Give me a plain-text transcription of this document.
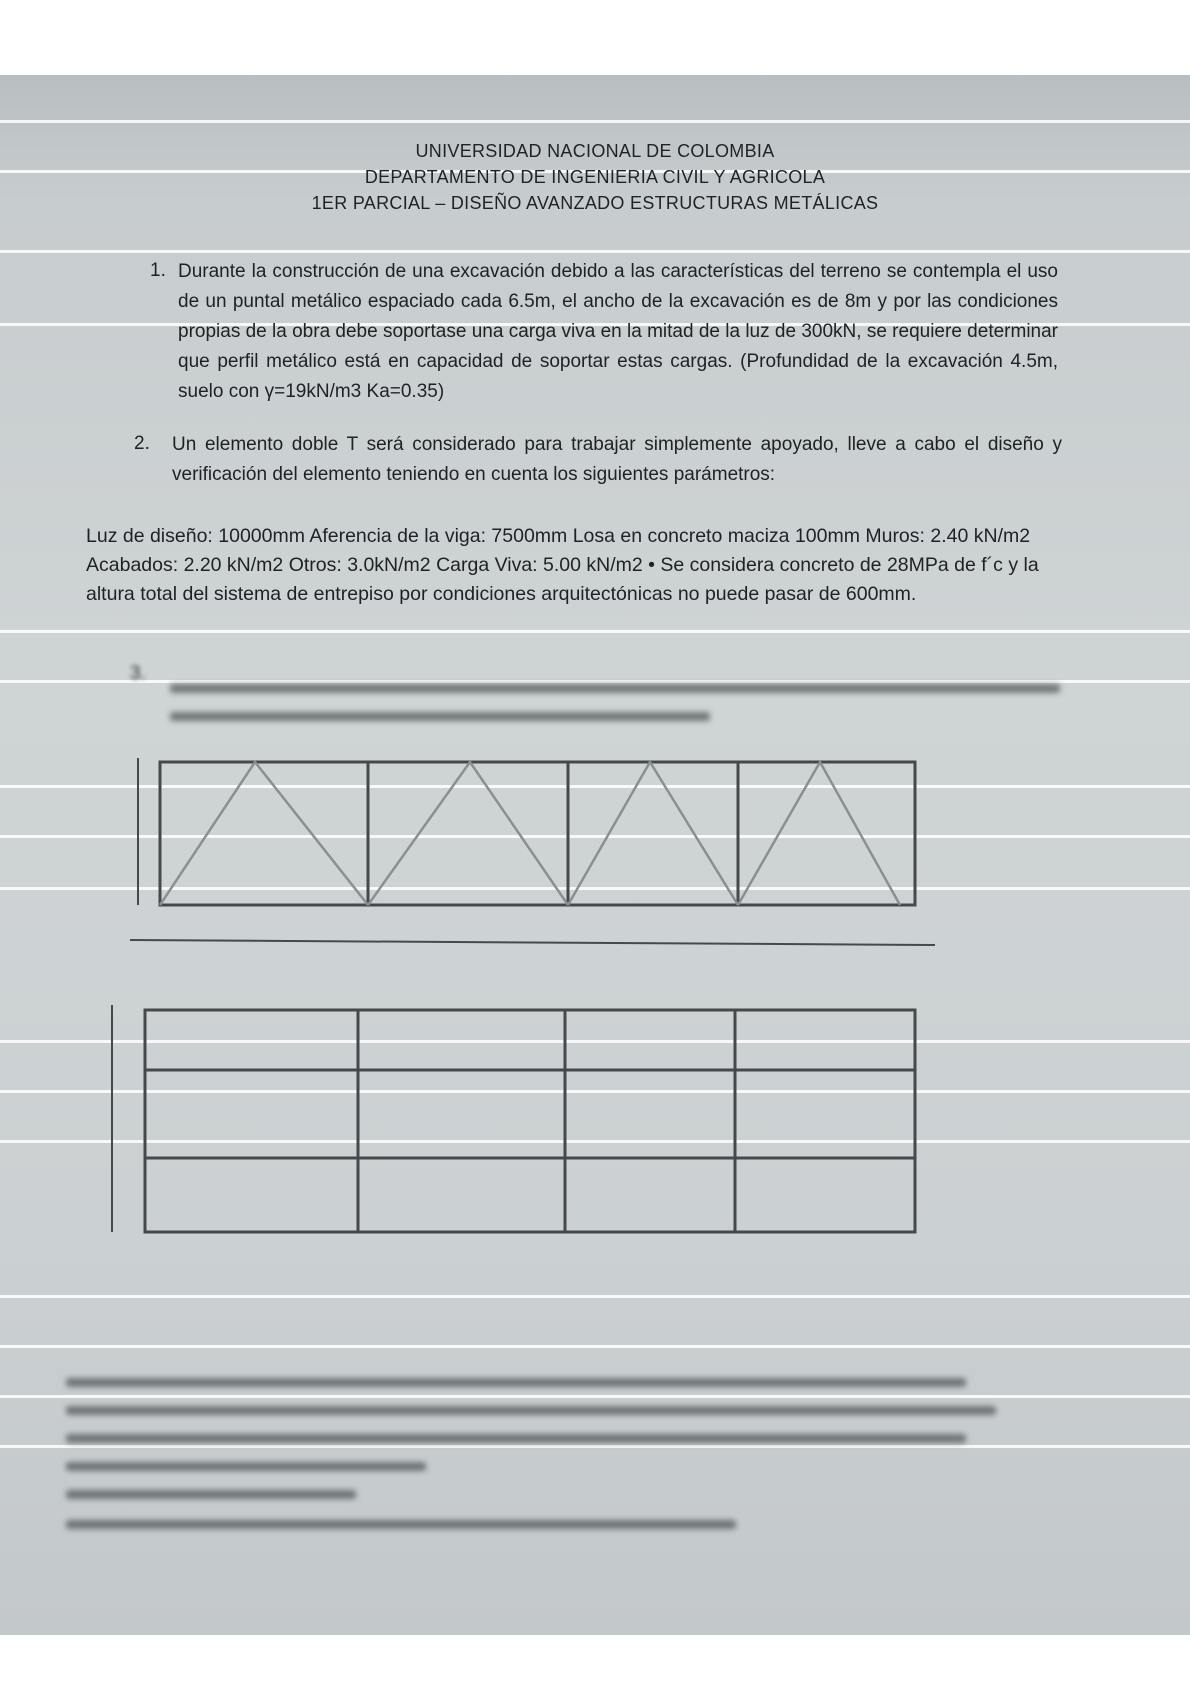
UNIVERSIDAD NACIONAL DE COLOMBIA
DEPARTAMENTO DE INGENIERIA CIVIL Y AGRICOLA
1ER PARCIAL – DISEÑO AVANZADO ESTRUCTURAS METÁLICAS
1. Durante la construcción de una excavación debido a las características del terreno se contempla el uso de un puntal metálico espaciado cada 6.5m, el ancho de la excavación es de 8m y por las condiciones propias de la obra debe soportase una carga viva en la mitad de la luz de 300kN, se requiere determinar que perfil metálico está en capacidad de soportar estas cargas. (Profundidad de la excavación 4.5m, suelo con γ=19kN/m3 Ka=0.35)
2. Un elemento doble T será considerado para trabajar simplemente apoyado, lleve a cabo el diseño y verificación del elemento teniendo en cuenta los siguientes parámetros:
Luz de diseño: 10000mm Aferencia de la viga: 7500mm Losa en concreto maciza 100mm Muros: 2.40 kN/m2 Acabados: 2.20 kN/m2 Otros: 3.0kN/m2 Carga Viva: 5.00 kN/m2 • Se considera concreto de 28MPa de f´c y la altura total del sistema de entrepiso por condiciones arquitectónicas no puede pasar de 600mm.
3.
